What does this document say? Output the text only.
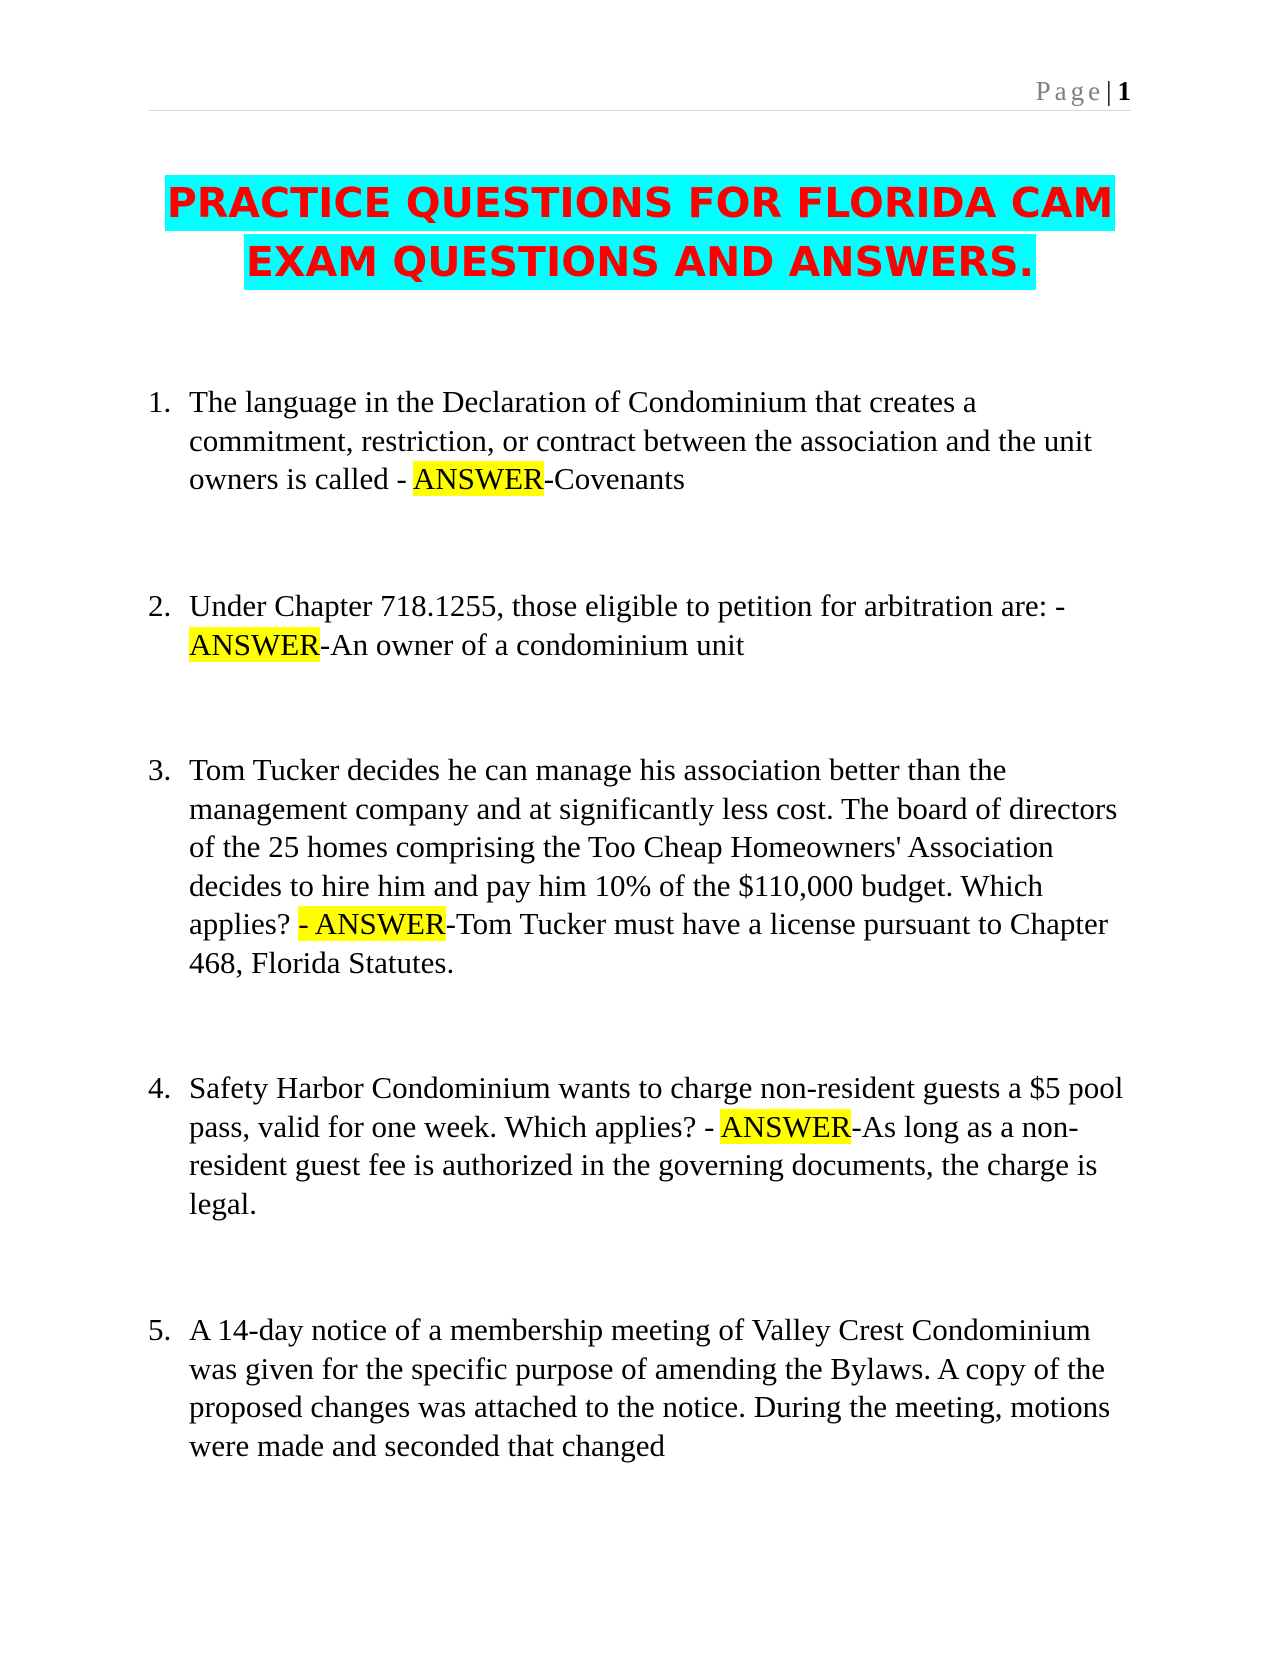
Page| 1
PRACTICE QUESTIONS FOR FLORIDA CAM
EXAM QUESTIONS AND ANSWERS.
1. The language in the Declaration of Condominium that creates a commitment, restriction, or contract between the association and the unit owners is called - ANSWER-Covenants
2. Under Chapter 718.1255, those eligible to petition for arbitration are: - ANSWER-An owner of a condominium unit
3. Tom Tucker decides he can manage his association better than the management company and at significantly less cost. The board of directors of the 25 homes comprising the Too Cheap Homeowners' Association decides to hire him and pay him 10% of the $110,000 budget. Which applies? - ANSWER-Tom Tucker must have a license pursuant to Chapter 468, Florida Statutes.
4. Safety Harbor Condominium wants to charge non-resident guests a $5 pool pass, valid for one week. Which applies? - ANSWER-As long as a non-resident guest fee is authorized in the governing documents, the charge is legal.
5. A 14-day notice of a membership meeting of Valley Crest Condominium was given for the specific purpose of amending the Bylaws. A copy of the proposed changes was attached to the notice. During the meeting, motions were made and seconded that changed
